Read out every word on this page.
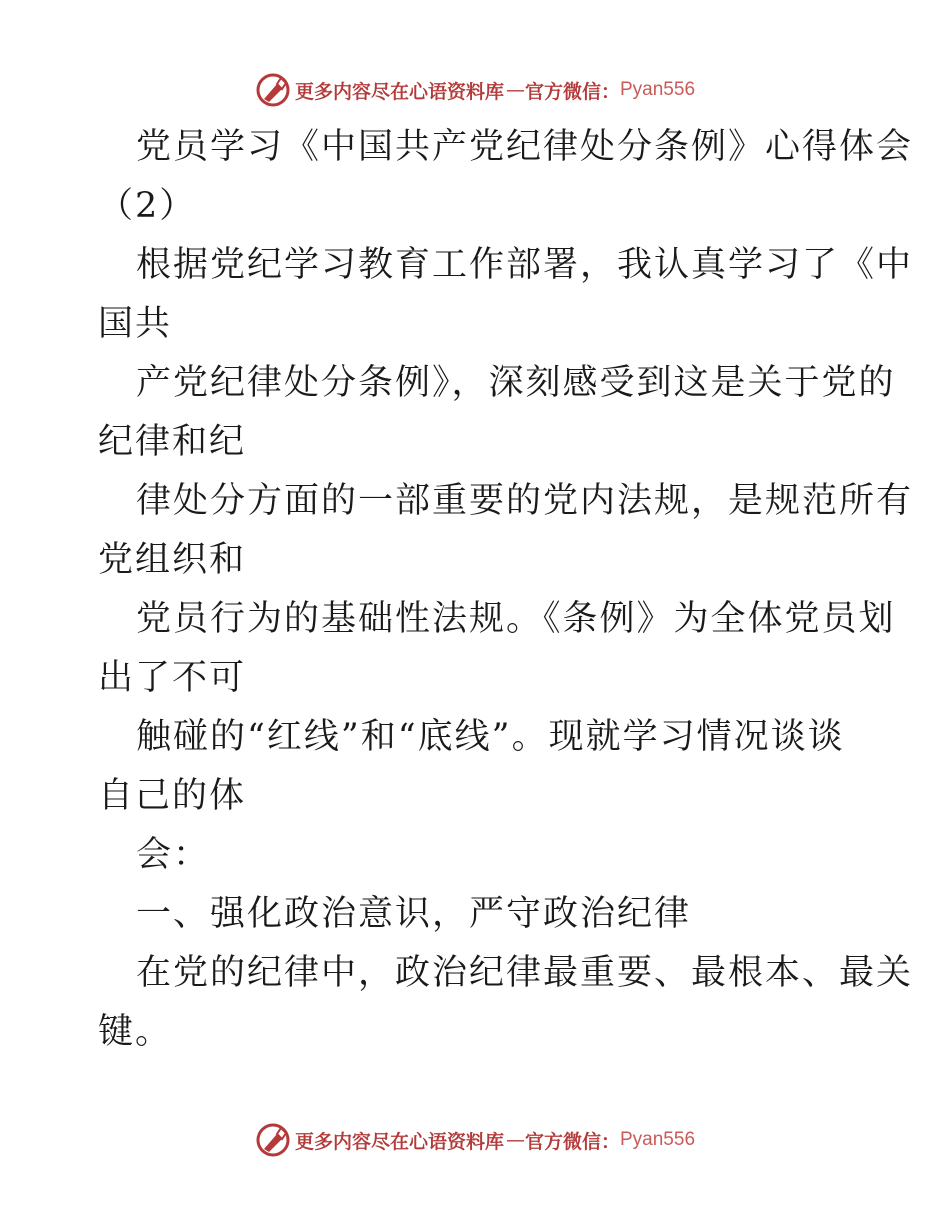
更多内容尽在心语资料库 — 官方微信： Pyan556
党员学习《中国共产党纪律处分条例》心得体会
（2）
根据党纪学习教育工作部署，我认真学习了《中
国共
产党纪律处分条例》，深刻感受到这是关于党的
纪律和纪
律处分方面的一部重要的党内法规，是规范所有
党组织和
党员行为的基础性法规。《条例》为全体党员划
出了不可
触碰的“红线”和“底线”。现就学习情况谈谈
自己的体
会：
一、强化政治意识，严守政治纪律
在党的纪律中，政治纪律最重要、最根本、最关
键。
更多内容尽在心语资料库 — 官方微信： Pyan556
